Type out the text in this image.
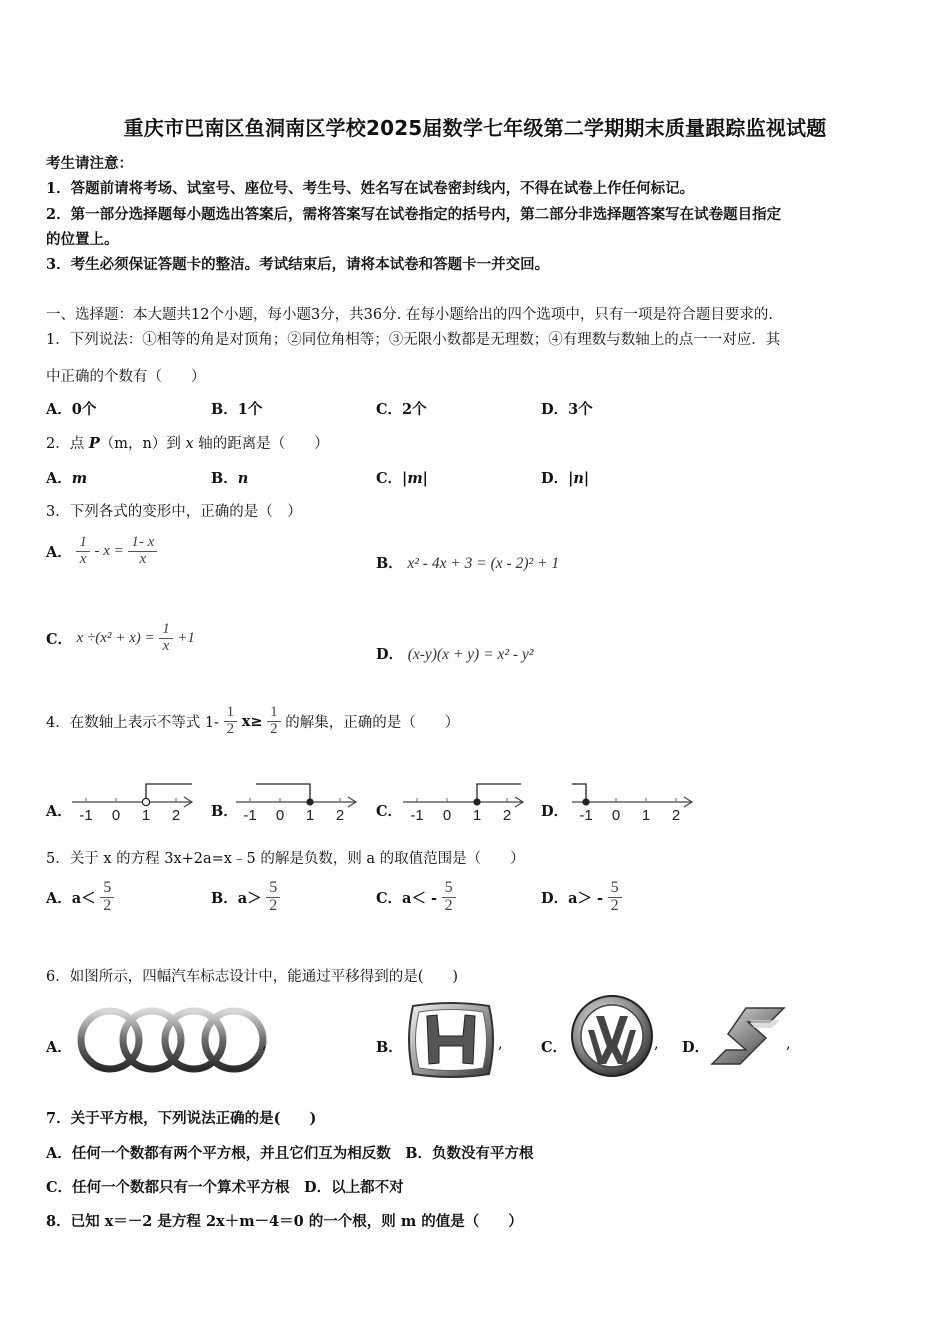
重庆市巴南区鱼洞南区学校2025届数学七年级第二学期期末质量跟踪监视试题
考生请注意：
1．答题前请将考场、试室号、座位号、考生号、姓名写在试卷密封线内，不得在试卷上作任何标记。
2．第一部分选择题每小题选出答案后，需将答案写在试卷指定的括号内，第二部分非选择题答案写在试卷题目指定
的位置上。
3．考生必须保证答题卡的整洁。考试结束后，请将本试卷和答题卡一并交回。
一、选择题：本大题共12个小题，每小题3分，共36分. 在每小题给出的四个选项中，只有一项是符合题目要求的.
1．下列说法：①相等的角是对顶角；②同位角相等；③无限小数都是无理数；④有理数与数轴上的点一一对应．其
中正确的个数有（　　）
A．0个	B．1个	C．2个	D．3个
2．点 P（m，n）到 x 轴的距离是（　　）
A．m	B．n	C．|m|	D．|n|
3．下列各式的变形中，正确的是（　）
A． $\frac{1}{x} - x = \frac{1- x}{x}$	B． x² - 4x + 3 = (x - 2)² + 1
C． $x \div(x^2 + x) = \frac{1}{x} +1$
D． (x-y)(x + y) = x² - y²
4．在数轴上表示不等式 $1- \frac{1}{2} x\ge \frac{1}{2}$ 的解集，正确的是（　　）
A．	B．	C．	D．
-1 0 1 2	-1 0 1 2	-1 0 1 2	-1 0 1 2
5．关于 x 的方程 3x+2a=x﹣5 的解是负数，则 a 的取值范围是（　　）
A．$a< \frac{5}{2}$	B．$a> \frac{5}{2}$	C．$a< - \frac{5}{2}$	D．$a> - \frac{5}{2}$
6．如图所示，四幅汽车标志设计中，能通过平移得到的是(　　)
A．	,	B．	,	C．	, D．	,
7．关于平方根，下列说法正确的是(　　)
A．任何一个数都有两个平方根，并且它们互为相反数　B．负数没有平方根
C．任何一个数都只有一个算术平方根　D．以上都不对
8．已知 x＝－2 是方程 2x＋m－4＝0 的一个根，则 m 的值是（　　）
